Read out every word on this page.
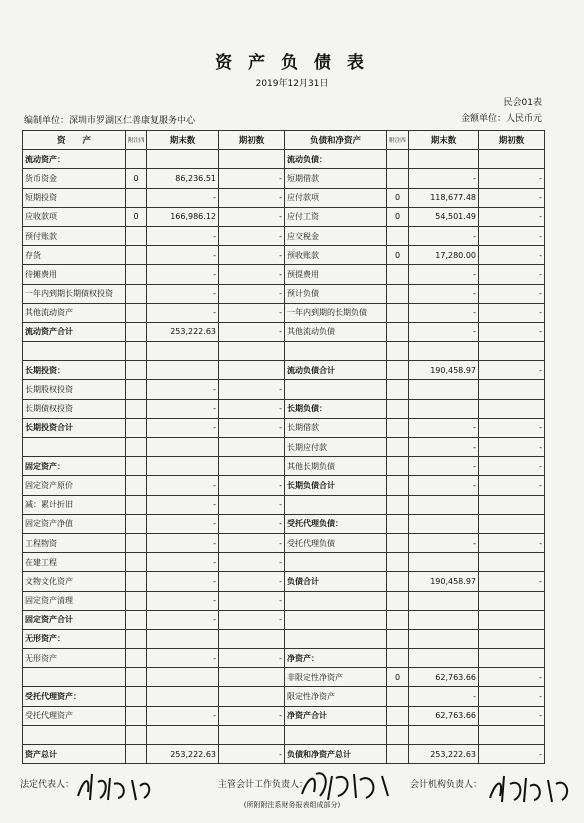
资 产 负 债 表
2019年12月31日
民会01表
编制单位：深圳市罗湖区仁善康复服务中心	金额单位：人民币元
资　　产	附注四	期末数	期初数	负债和净资产	附注四	期末数	期初数
流动资产：				流动负债：			
货币资金	0	86,236.51	-	短期借款		-	-
短期投资		-	-	应付款项	0	118,677.48	-
应收款项	0	166,986.12	-	应付工资	0	54,501.49	-
预付账款		-	-	应交税金		-	-
存货		-	-	预收账款	0	17,280.00	-
待摊费用		-	-	预提费用		-	-
一年内到期长期债权投资		-	-	预计负债		-	-
其他流动资产		-	-	一年内到期的长期负债		-	-
流动资产合计		253,222.63	-	其他流动负债		-	-

长期投资：				流动负债合计		190,458.97	-
长期股权投资		-	-				
长期债权投资		-	-	长期负债：			
长期投资合计		-	-	长期借款		-	-
				长期应付款		-	-
固定资产：				其他长期负债		-	-
固定资产原价		-	-	长期负债合计		-	-
减：累计折旧		-	-				
固定资产净值		-	-	受托代理负债：			
工程物资		-	-	受托代理负债		-	-
在建工程		-	-				
文物文化资产		-	-	负债合计		190,458.97	-
固定资产清理		-	-				
固定资产合计		-	-				
无形资产：							
无形资产		-	-	净资产：			
				非限定性净资产	0	62,763.66	-
受托代理资产：				限定性净资产		-	-
受托代理资产		-	-	净资产合计		62,763.66	-

资产总计		253,222.63	-	负债和净资产总计		253,222.63	-
法定代表人：	主管会计工作负责人：	会计机构负责人：
(所附附注系财务报表组成部分)
